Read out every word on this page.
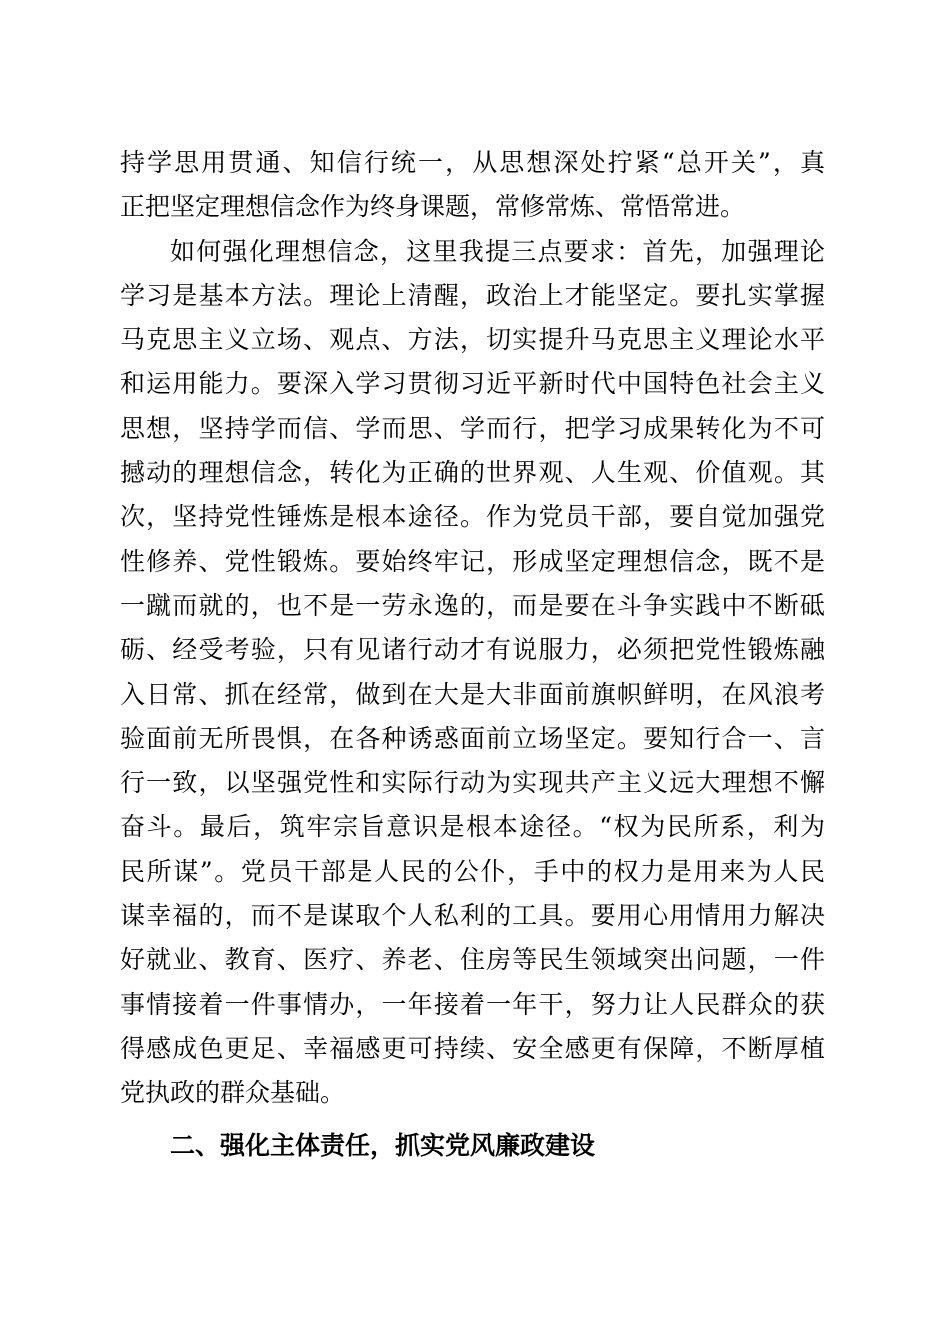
持学思用贯通、知信行统一，从思想深处拧紧“总开关”，真
正把坚定理想信念作为终身课题，常修常炼、常悟常进。
如何强化理想信念，这里我提三点要求：首先，加强理论
学习是基本方法。理论上清醒，政治上才能坚定。要扎实掌握
马克思主义立场、观点、方法，切实提升马克思主义理论水平
和运用能力。要深入学习贯彻习近平新时代中国特色社会主义
思想，坚持学而信、学而思、学而行，把学习成果转化为不可
撼动的理想信念，转化为正确的世界观、人生观、价值观。其
次，坚持党性锤炼是根本途径。作为党员干部，要自觉加强党
性修养、党性锻炼。要始终牢记，形成坚定理想信念，既不是
一蹴而就的，也不是一劳永逸的，而是要在斗争实践中不断砥
砺、经受考验，只有见诸行动才有说服力，必须把党性锻炼融
入日常、抓在经常，做到在大是大非面前旗帜鲜明，在风浪考
验面前无所畏惧，在各种诱惑面前立场坚定。要知行合一、言
行一致，以坚强党性和实际行动为实现共产主义远大理想不懈
奋斗。最后，筑牢宗旨意识是根本途径。“权为民所系，利为
民所谋”。党员干部是人民的公仆，手中的权力是用来为人民
谋幸福的，而不是谋取个人私利的工具。要用心用情用力解决
好就业、教育、医疗、养老、住房等民生领域突出问题，一件
事情接着一件事情办，一年接着一年干，努力让人民群众的获
得感成色更足、幸福感更可持续、安全感更有保障，不断厚植
党执政的群众基础。
二、强化主体责任，抓实党风廉政建设
